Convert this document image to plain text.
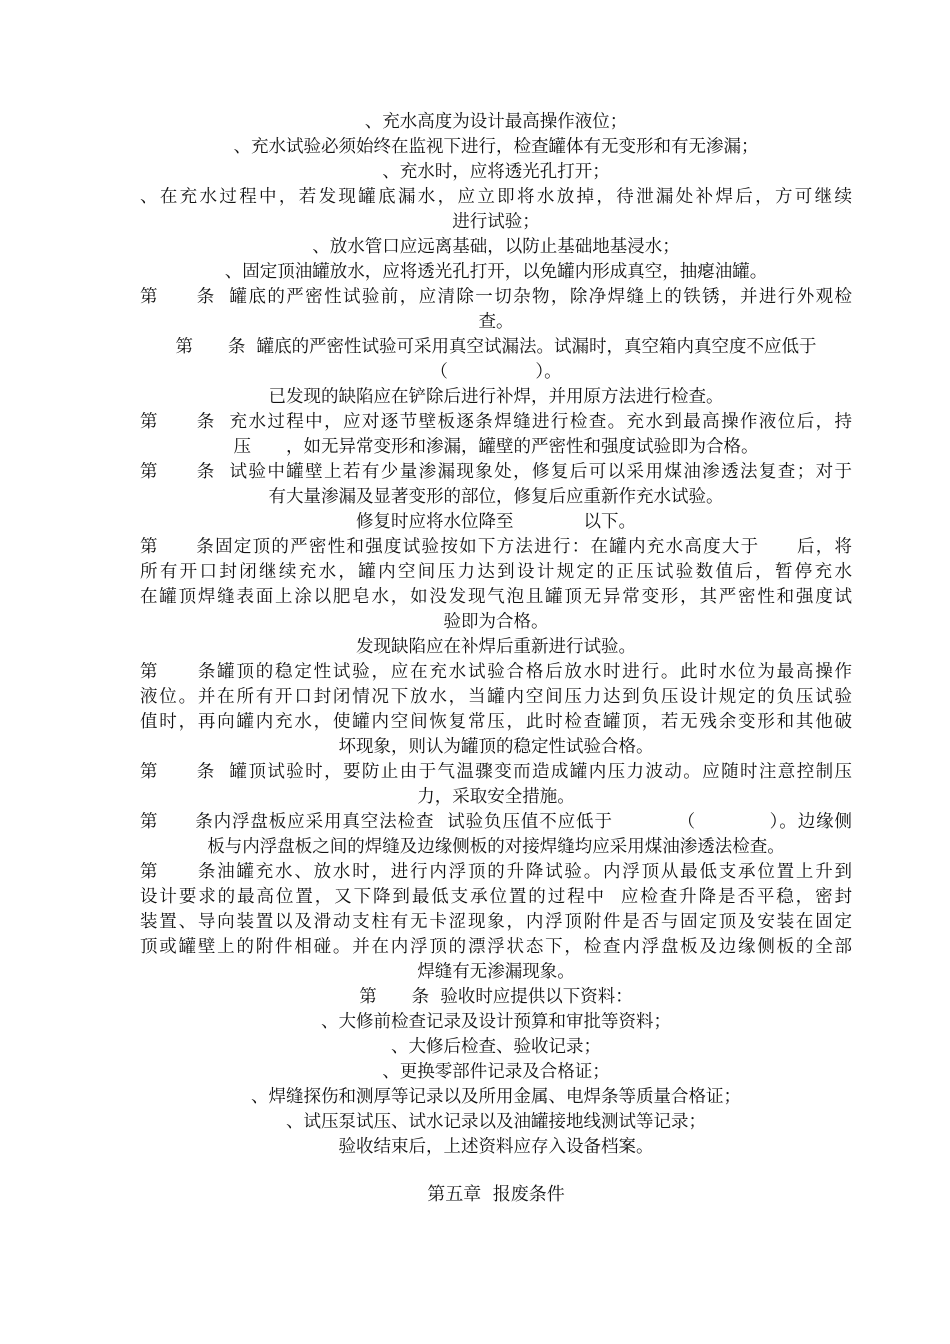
、充水高度为设计最高操作液位；
、充水试验必须始终在监视下进行，检查罐体有无变形和有无渗漏；
、充水时，应将透光孔打开；
、在充水过程中，若发现罐底漏水，应立即将水放掉，待泄漏处补焊后，方可继续
进行试验；
、放水管口应远离基础，以防止基础地基浸水；
、固定顶油罐放水，应将透光孔打开，以免罐内形成真空，抽瘪油罐。
第　　条  罐底的严密性试验前，应清除一切杂物，除净焊缝上的铁锈，并进行外观检
查。
第　　条  罐底的严密性试验可采用真空试漏法。试漏时，真空箱内真空度不应低于
（　　　　　）。
已发现的缺陷应在铲除后进行补焊，并用原方法进行检查。
第　　条  充水过程中，应对逐节壁板逐条焊缝进行检查。充水到最高操作液位后，持
压　　，如无异常变形和渗漏，罐壁的严密性和强度试验即为合格。
第　　条  试验中罐壁上若有少量渗漏现象处，修复后可以采用煤油渗透法复查；对于
有大量渗漏及显著变形的部位，修复后应重新作充水试验。
修复时应将水位降至　　　　以下。
第　　条固定顶的严密性和强度试验按如下方法进行：在罐内充水高度大于　　后，将
所有开口封闭继续充水，罐内空间压力达到设计规定的正压试验数值后，暂停充水
在罐顶焊缝表面上涂以肥皂水，如没发现气泡且罐顶无异常变形，其严密性和强度试
验即为合格。
发现缺陷应在补焊后重新进行试验。
第　　条罐顶的稳定性试验，应在充水试验合格后放水时进行。此时水位为最高操作
液位。并在所有开口封闭情况下放水，当罐内空间压力达到负压设计规定的负压试验
值时，再向罐内充水，使罐内空间恢复常压，此时检查罐顶，若无残余变形和其他破
坏现象，则认为罐顶的稳定性试验合格。
第　　条  罐顶试验时，要防止由于气温骤变而造成罐内压力波动。应随时注意控制压
力，采取安全措施。
第　　条内浮盘板应采用真空法检查  试验负压值不应低于　　　　（　　　　）。边缘侧
板与内浮盘板之间的焊缝及边缘侧板的对接焊缝均应采用煤油渗透法检查。
第　　条油罐充水、放水时，进行内浮顶的升降试验。内浮顶从最低支承位置上升到
设计要求的最高位置，又下降到最低支承位置的过程中  应检查升降是否平稳，密封
装置、导向装置以及滑动支柱有无卡涩现象，内浮顶附件是否与固定顶及安装在固定
顶或罐壁上的附件相碰。并在内浮顶的漂浮状态下，检查内浮盘板及边缘侧板的全部
焊缝有无渗漏现象。
第　　条  验收时应提供以下资料：
、大修前检查记录及设计预算和审批等资料；
、大修后检查、验收记录；
、更换零部件记录及合格证；
、焊缝探伤和测厚等记录以及所用金属、电焊条等质量合格证；
、试压泵试压、试水记录以及油罐接地线测试等记录；
验收结束后，上述资料应存入设备档案。
第五章  报废条件
